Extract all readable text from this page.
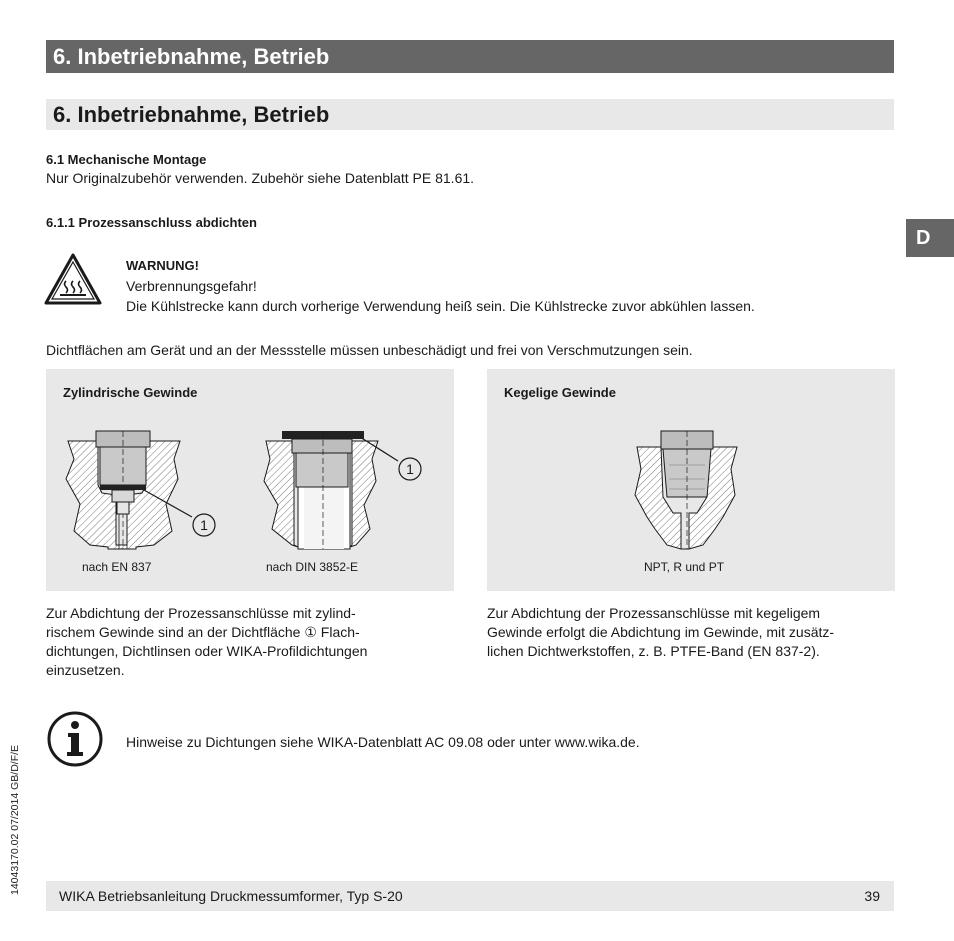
6. Inbetriebnahme, Betrieb
6. Inbetriebnahme, Betrieb
6.1 Mechanische Montage
Nur Originalzubehör verwenden. Zubehör siehe Datenblatt PE 81.61.
6.1.1 Prozessanschluss abdichten
D
WARNUNG!
Verbrennungsgefahr!
Die Kühlstrecke kann durch vorherige Verwendung heiß sein. Die Kühlstrecke zuvor abkühlen lassen.
Dichtflächen am Gerät und an der Messstelle müssen unbeschädigt und frei von Verschmutzungen sein.
Zylindrische Gewinde
1
1
nach EN 837	nach DIN 3852-E
Kegelige Gewinde
NPT, R und PT
Zur Abdichtung der Prozessanschlüsse mit zylind-
rischem Gewinde sind an der Dichtfläche ① Flach-
dichtungen, Dichtlinsen oder WIKA-Profildichtungen
einzusetzen.
Zur Abdichtung der Prozessanschlüsse mit kegeligem
Gewinde erfolgt die Abdichtung im Gewinde, mit zusätz-
lichen Dichtwerkstoffen, z. B. PTFE-Band (EN 837-2).
Hinweise zu Dichtungen siehe WIKA-Datenblatt AC 09.08 oder unter www.wika.de.
14043170.02 07/2014 GB/D/F/E
WIKA Betriebsanleitung Druckmessumformer, Typ S-20	39
